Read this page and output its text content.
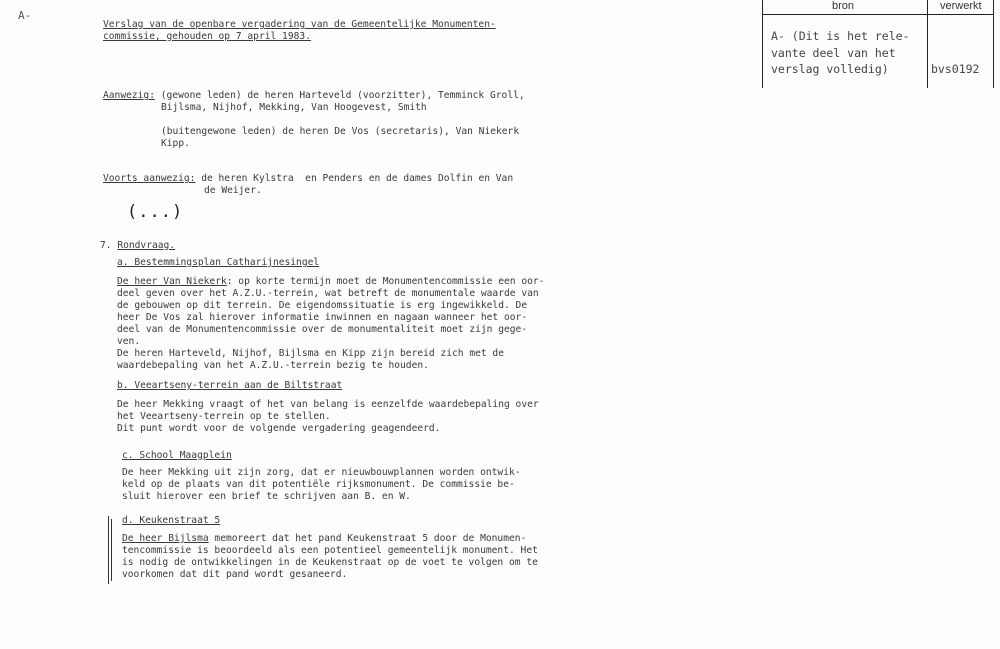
A-
bron	verwerkt
A- (Dit is het rele-
vante deel van het
verslag volledig)	bvs0192
Verslag van de openbare vergadering van de Gemeentelijke Monumenten-
commissie, gehouden op 7 april 1983.
Aanwezig: (gewone leden) de heren Harteveld (voorzitter), Temminck Groll,
Bijlsma, Nijhof, Mekking, Van Hoogevest, Smith
(buitengewone leden) de heren De Vos (secretaris), Van Niekerk
Kipp.
Voorts aanwezig: de heren Kylstra  en Penders en de dames Dolfin en Van
de Weijer.
(...)
7. Rondvraag.
a. Bestemmingsplan Catharijnesingel
De heer Van Niekerk: op korte termijn moet de Monumentencommissie een oor-
deel geven over het A.Z.U.-terrein, wat betreft de monumentale waarde van
de gebouwen op dit terrein. De eigendomssituatie is erg ingewikkeld. De
heer De Vos zal hierover informatie inwinnen en nagaan wanneer het oor-
deel van de Monumentencommissie over de monumentaliteit moet zijn gege-
ven.
De heren Harteveld, Nijhof, Bijlsma en Kipp zijn bereid zich met de
waardebepaling van het A.Z.U.-terrein bezig te houden.
b. Veeartseny-terrein aan de Biltstraat
De heer Mekking vraagt of het van belang is eenzelfde waardebepaling over
het Veeartseny-terrein op te stellen.
Dit punt wordt voor de volgende vergadering geagendeerd.
c. School Maagplein
De heer Mekking uit zijn zorg, dat er nieuwbouwplannen worden ontwik-
keld op de plaats van dit potentiële rijksmonument. De commissie be-
sluit hierover een brief te schrijven aan B. en W.
d. Keukenstraat 5
De heer Bijlsma memoreert dat het pand Keukenstraat 5 door de Monumen-
tencommissie is beoordeeld als een potentieel gemeentelijk monument. Het
is nodig de ontwikkelingen in de Keukenstraat op de voet te volgen om te
voorkomen dat dit pand wordt gesaneerd.
